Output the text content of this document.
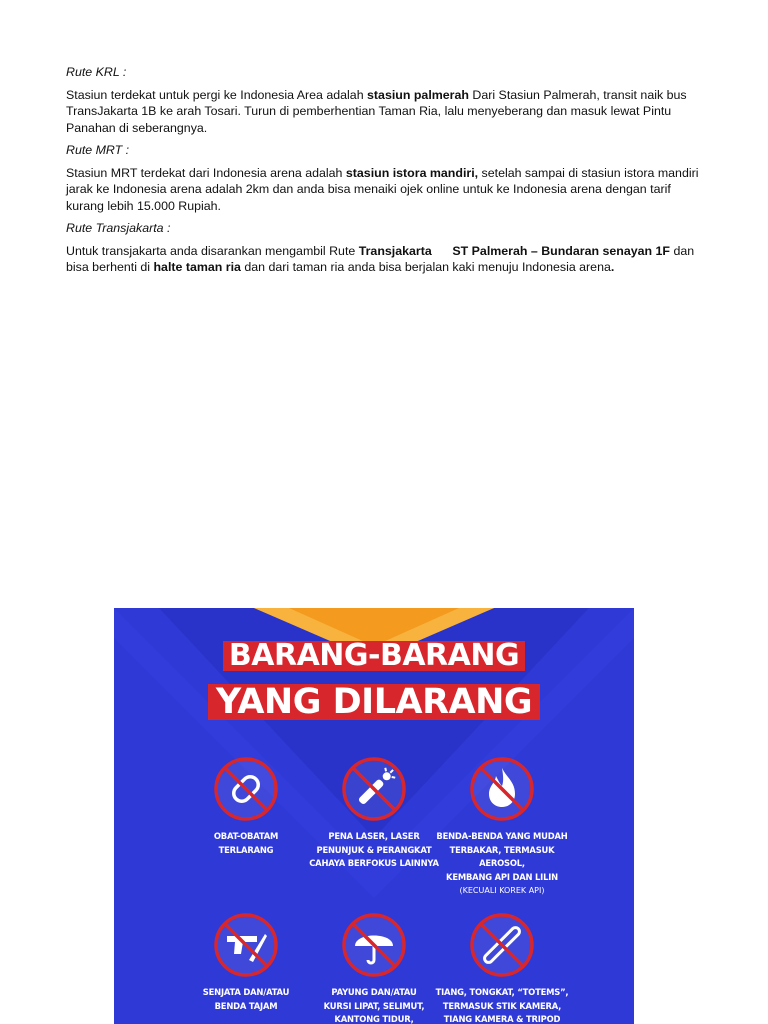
Rute KRL :

Stasiun terdekat untuk pergi ke Indonesia Area adalah stasiun palmerah Dari Stasiun Palmerah, transit naik bus TransJakarta 1B ke arah Tosari. Turun di pemberhentian Taman Ria, lalu menyeberang dan masuk lewat Pintu Panahan di seberangnya.

Rute MRT :

Stasiun MRT terdekat dari Indonesia arena adalah stasiun istora mandiri, setelah sampai di stasiun istora mandiri jarak ke Indonesia arena adalah 2km dan anda bisa menaiki ojek online untuk ke Indonesia arena dengan tarif kurang lebih 15.000 Rupiah.

Rute Transjakarta :

Untuk transjakarta anda disarankan mengambil Rute Transjakarta      ST Palmerah – Bundaran senayan 1F dan bisa berhenti di halte taman ria dan dari taman ria anda bisa berjalan kaki menuju Indonesia arena.

BARANG-BARANG
YANG DILARANG
OBAT-OBATAM
TERLARANG
PENA LASER, LASER
PENUNJUK & PERANGKAT
CAHAYA BERFOKUS LAINNYA
BENDA-BENDA YANG MUDAH
TERBAKAR, TERMASUK AEROSOL,
KEMBANG API DAN LILIN
(KECUALI KOREK API)
SENJATA DAN/ATAU
BENDA TAJAM
PAYUNG DAN/ATAU
KURSI LIPAT, SELIMUT,
KANTONG TIDUR,
TIANG, TONGKAT, “TOTEMS”,
TERMASUK STIK KAMERA,
TIANG KAMERA & TRIPOD
